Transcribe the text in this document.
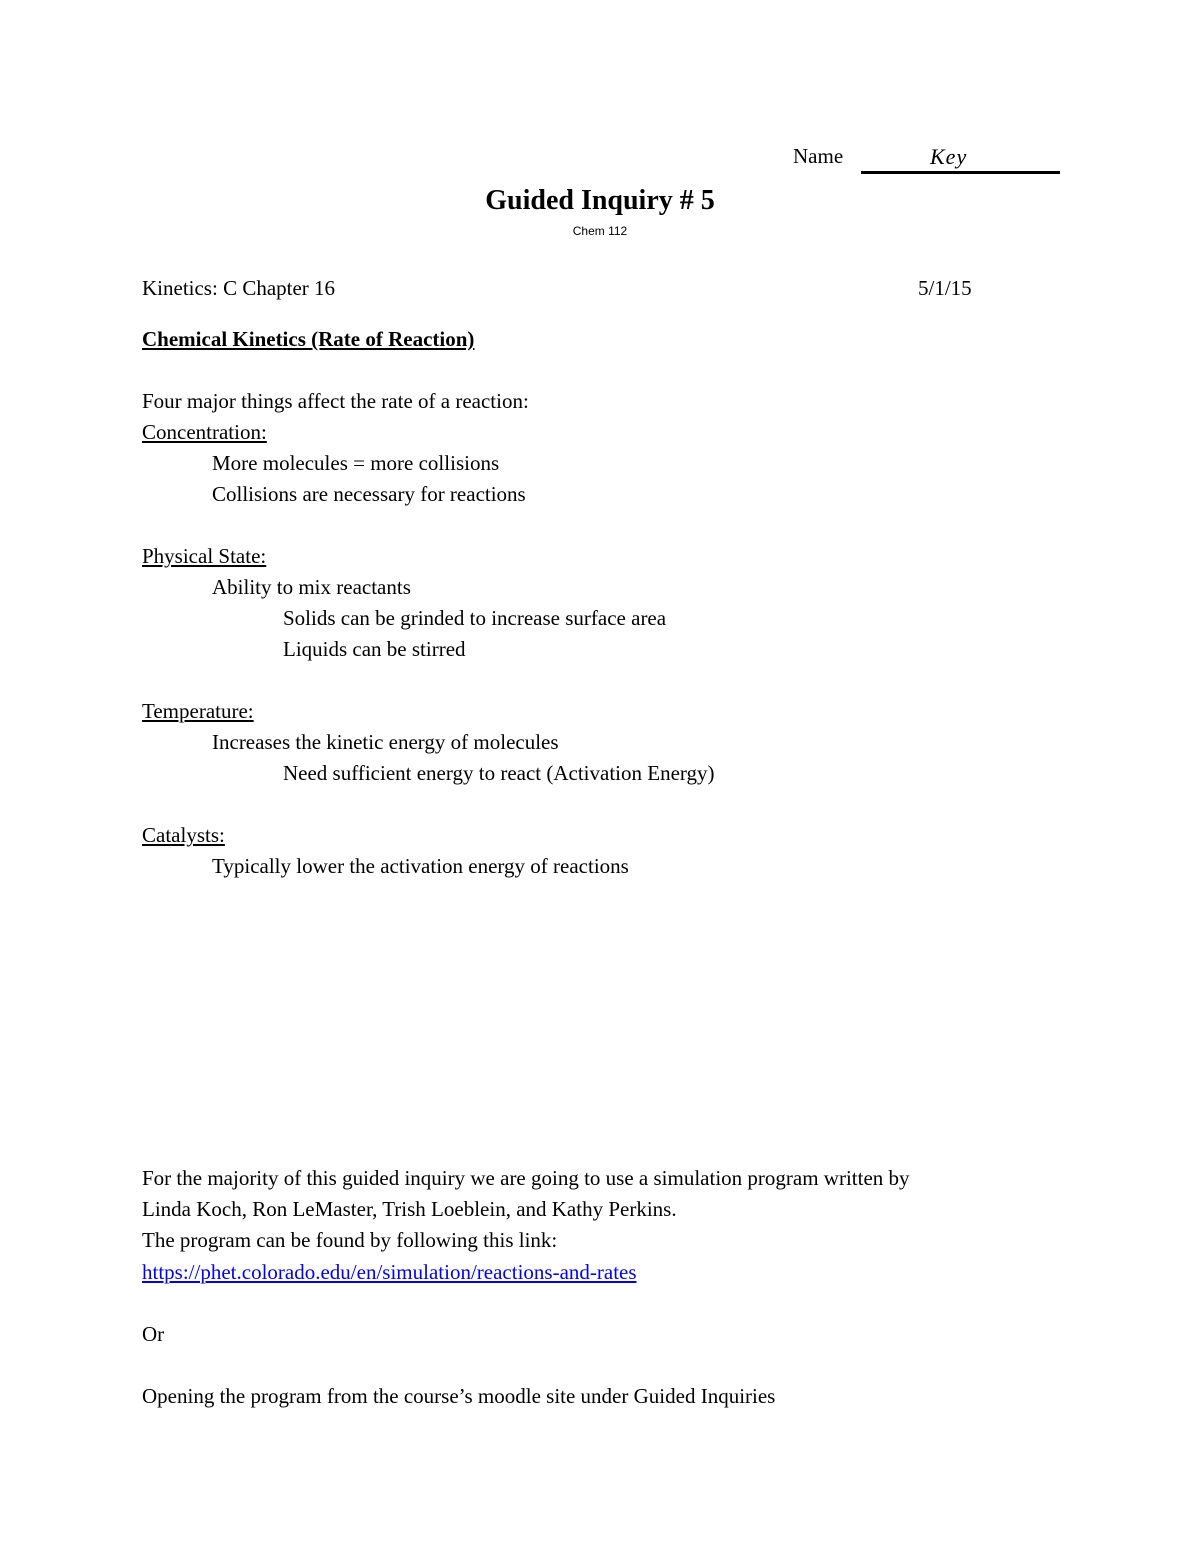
Name	Key
Guided Inquiry # 5
Chem 112
Kinetics: C Chapter 16	5/1/15
Chemical Kinetics (Rate of Reaction)
Four major things affect the rate of a reaction:
Concentration:
More molecules = more collisions
Collisions are necessary for reactions
Physical State:
Ability to mix reactants
Solids can be grinded to increase surface area
Liquids can be stirred
Temperature:
Increases the kinetic energy of molecules
Need sufficient energy to react (Activation Energy)
Catalysts:
Typically lower the activation energy of reactions
For the majority of this guided inquiry we are going to use a simulation program written by
Linda Koch, Ron LeMaster, Trish Loeblein, and Kathy Perkins.
The program can be found by following this link:
https://phet.colorado.edu/en/simulation/reactions-and-rates
Or
Opening the program from the course’s moodle site under Guided Inquiries
